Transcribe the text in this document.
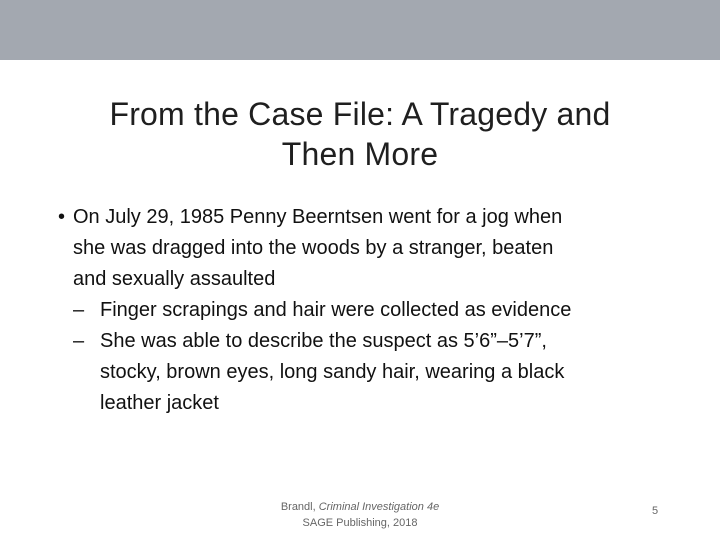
From the Case File: A Tragedy and
Then More
• On July 29, 1985 Penny Beerntsen went for a jog when
she was dragged into the woods by a stranger, beaten
and sexually assaulted
– Finger scrapings and hair were collected as evidence
– She was able to describe the suspect as 5’6”–5’7”,
stocky, brown eyes, long sandy hair, wearing a black
leather jacket
Brandl, Criminal Investigation 4e
SAGE Publishing, 2018
5
